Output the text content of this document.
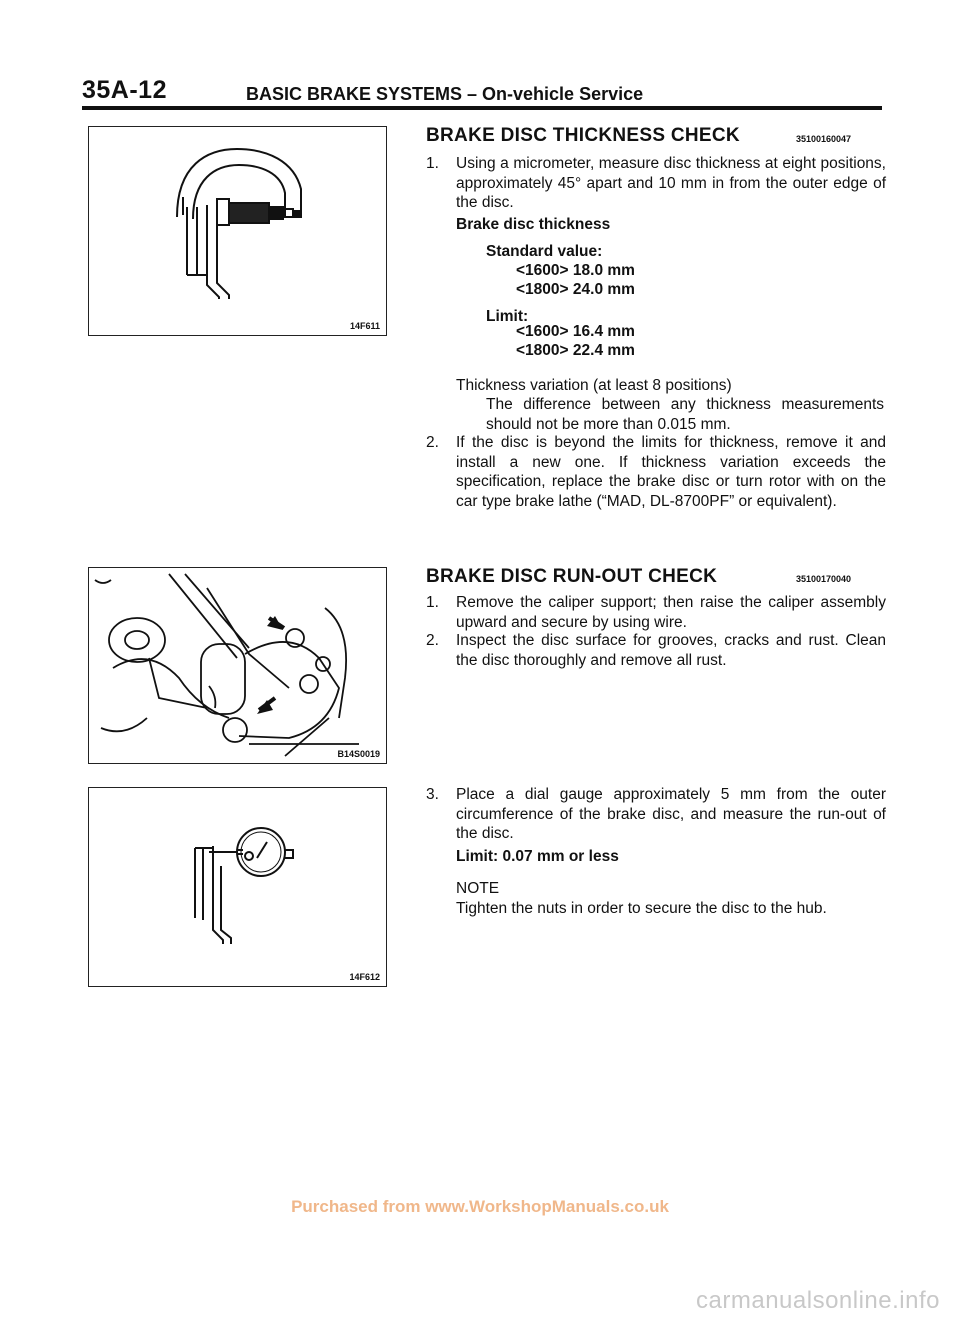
35A-12	BASIC BRAKE SYSTEMS – On-vehicle Service
14F611
B14S0019
14F612
BRAKE DISC THICKNESS CHECK	35100160047
1. Using a micrometer, measure disc thickness at eight positions, approximately 45° apart and 10 mm in from the outer edge of the disc.
Brake disc thickness
Standard value:
<1600> 18.0 mm
<1800> 24.0 mm
Limit:
<1600> 16.4 mm
<1800> 22.4 mm
Thickness variation (at least 8 positions)
The difference between any thickness measurements should not be more than 0.015 mm.
2. If the disc is beyond the limits for thickness, remove it and install a new one. If thickness variation exceeds the specification, replace the brake disc or turn rotor with on the car type brake lathe (“MAD, DL-8700PF” or equivalent).
BRAKE DISC RUN-OUT CHECK	35100170040
1. Remove the caliper support; then raise the caliper assembly upward and secure by using wire.
2. Inspect the disc surface for grooves, cracks and rust. Clean the disc thoroughly and remove all rust.
3. Place a dial gauge approximately 5 mm from the outer circumference of the brake disc, and measure the run-out of the disc.
Limit: 0.07 mm or less
NOTE
Tighten the nuts in order to secure the disc to the hub.
Purchased from www.WorkshopManuals.co.uk
carmanualsonline.info
